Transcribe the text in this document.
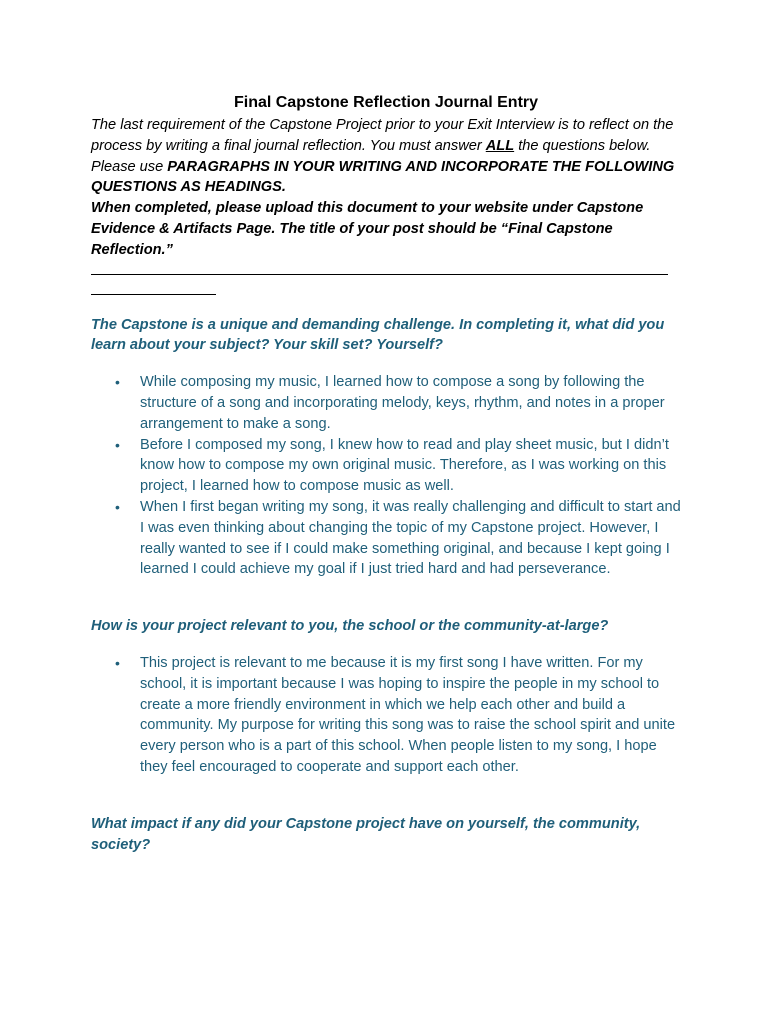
Final Capstone Reflection Journal Entry

The last requirement of the Capstone Project prior to your Exit Interview is to reflect on the process by writing a final journal reflection. You must answer ALL the questions below.

Please use PARAGRAPHS IN YOUR WRITING AND INCORPORATE THE FOLLOWING QUESTIONS AS HEADINGS.

When completed, please upload this document to your website under Capstone Evidence & Artifacts Page. The title of your post should be “Final Capstone Reflection.”

The Capstone is a unique and demanding challenge. In completing it, what did you learn about your subject? Your skill set? Yourself?

• While composing my music, I learned how to compose a song by following the structure of a song and incorporating melody, keys, rhythm, and notes in a proper arrangement to make a song.
• Before I composed my song, I knew how to read and play sheet music, but I didn’t know how to compose my own original music. Therefore, as I was working on this project, I learned how to compose music as well.
• When I first began writing my song, it was really challenging and difficult to start and I was even thinking about changing the topic of my Capstone project. However, I really wanted to see if I could make something original, and because I kept going I learned I could achieve my goal if I just tried hard and had perseverance.

How is your project relevant to you, the school or the community-at-large?

• This project is relevant to me because it is my first song I have written. For my school, it is important because I was hoping to inspire the people in my school to create a more friendly environment in which we help each other and build a community. My purpose for writing this song was to raise the school spirit and unite every person who is a part of this school. When people listen to my song, I hope they feel encouraged to cooperate and support each other.

What impact if any did your Capstone project have on yourself, the community, society?
